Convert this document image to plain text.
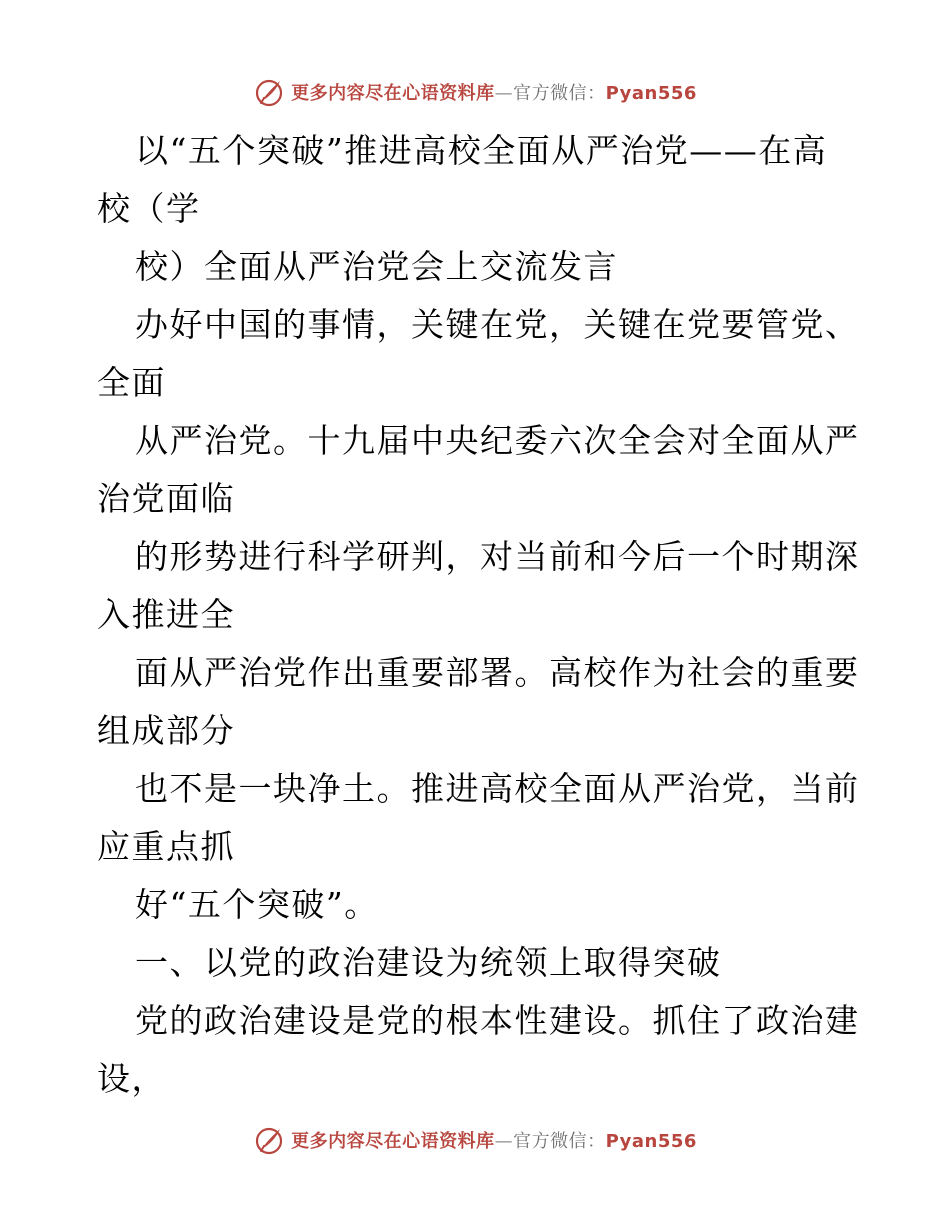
更多内容尽在心语资料库—官方微信：Pyan556
以“五个突破”推进高校全面从严治党——在高
校（学
校）全面从严治党会上交流发言
办好中国的事情，关键在党，关键在党要管党、
全面
从严治党。十九届中央纪委六次全会对全面从严
治党面临
的形势进行科学研判，对当前和今后一个时期深
入推进全
面从严治党作出重要部署。高校作为社会的重要
组成部分
也不是一块净土。推进高校全面从严治党，当前
应重点抓
好“五个突破”。
一、以党的政治建设为统领上取得突破
党的政治建设是党的根本性建设。抓住了政治建
设，
更多内容尽在心语资料库—官方微信：Pyan556
